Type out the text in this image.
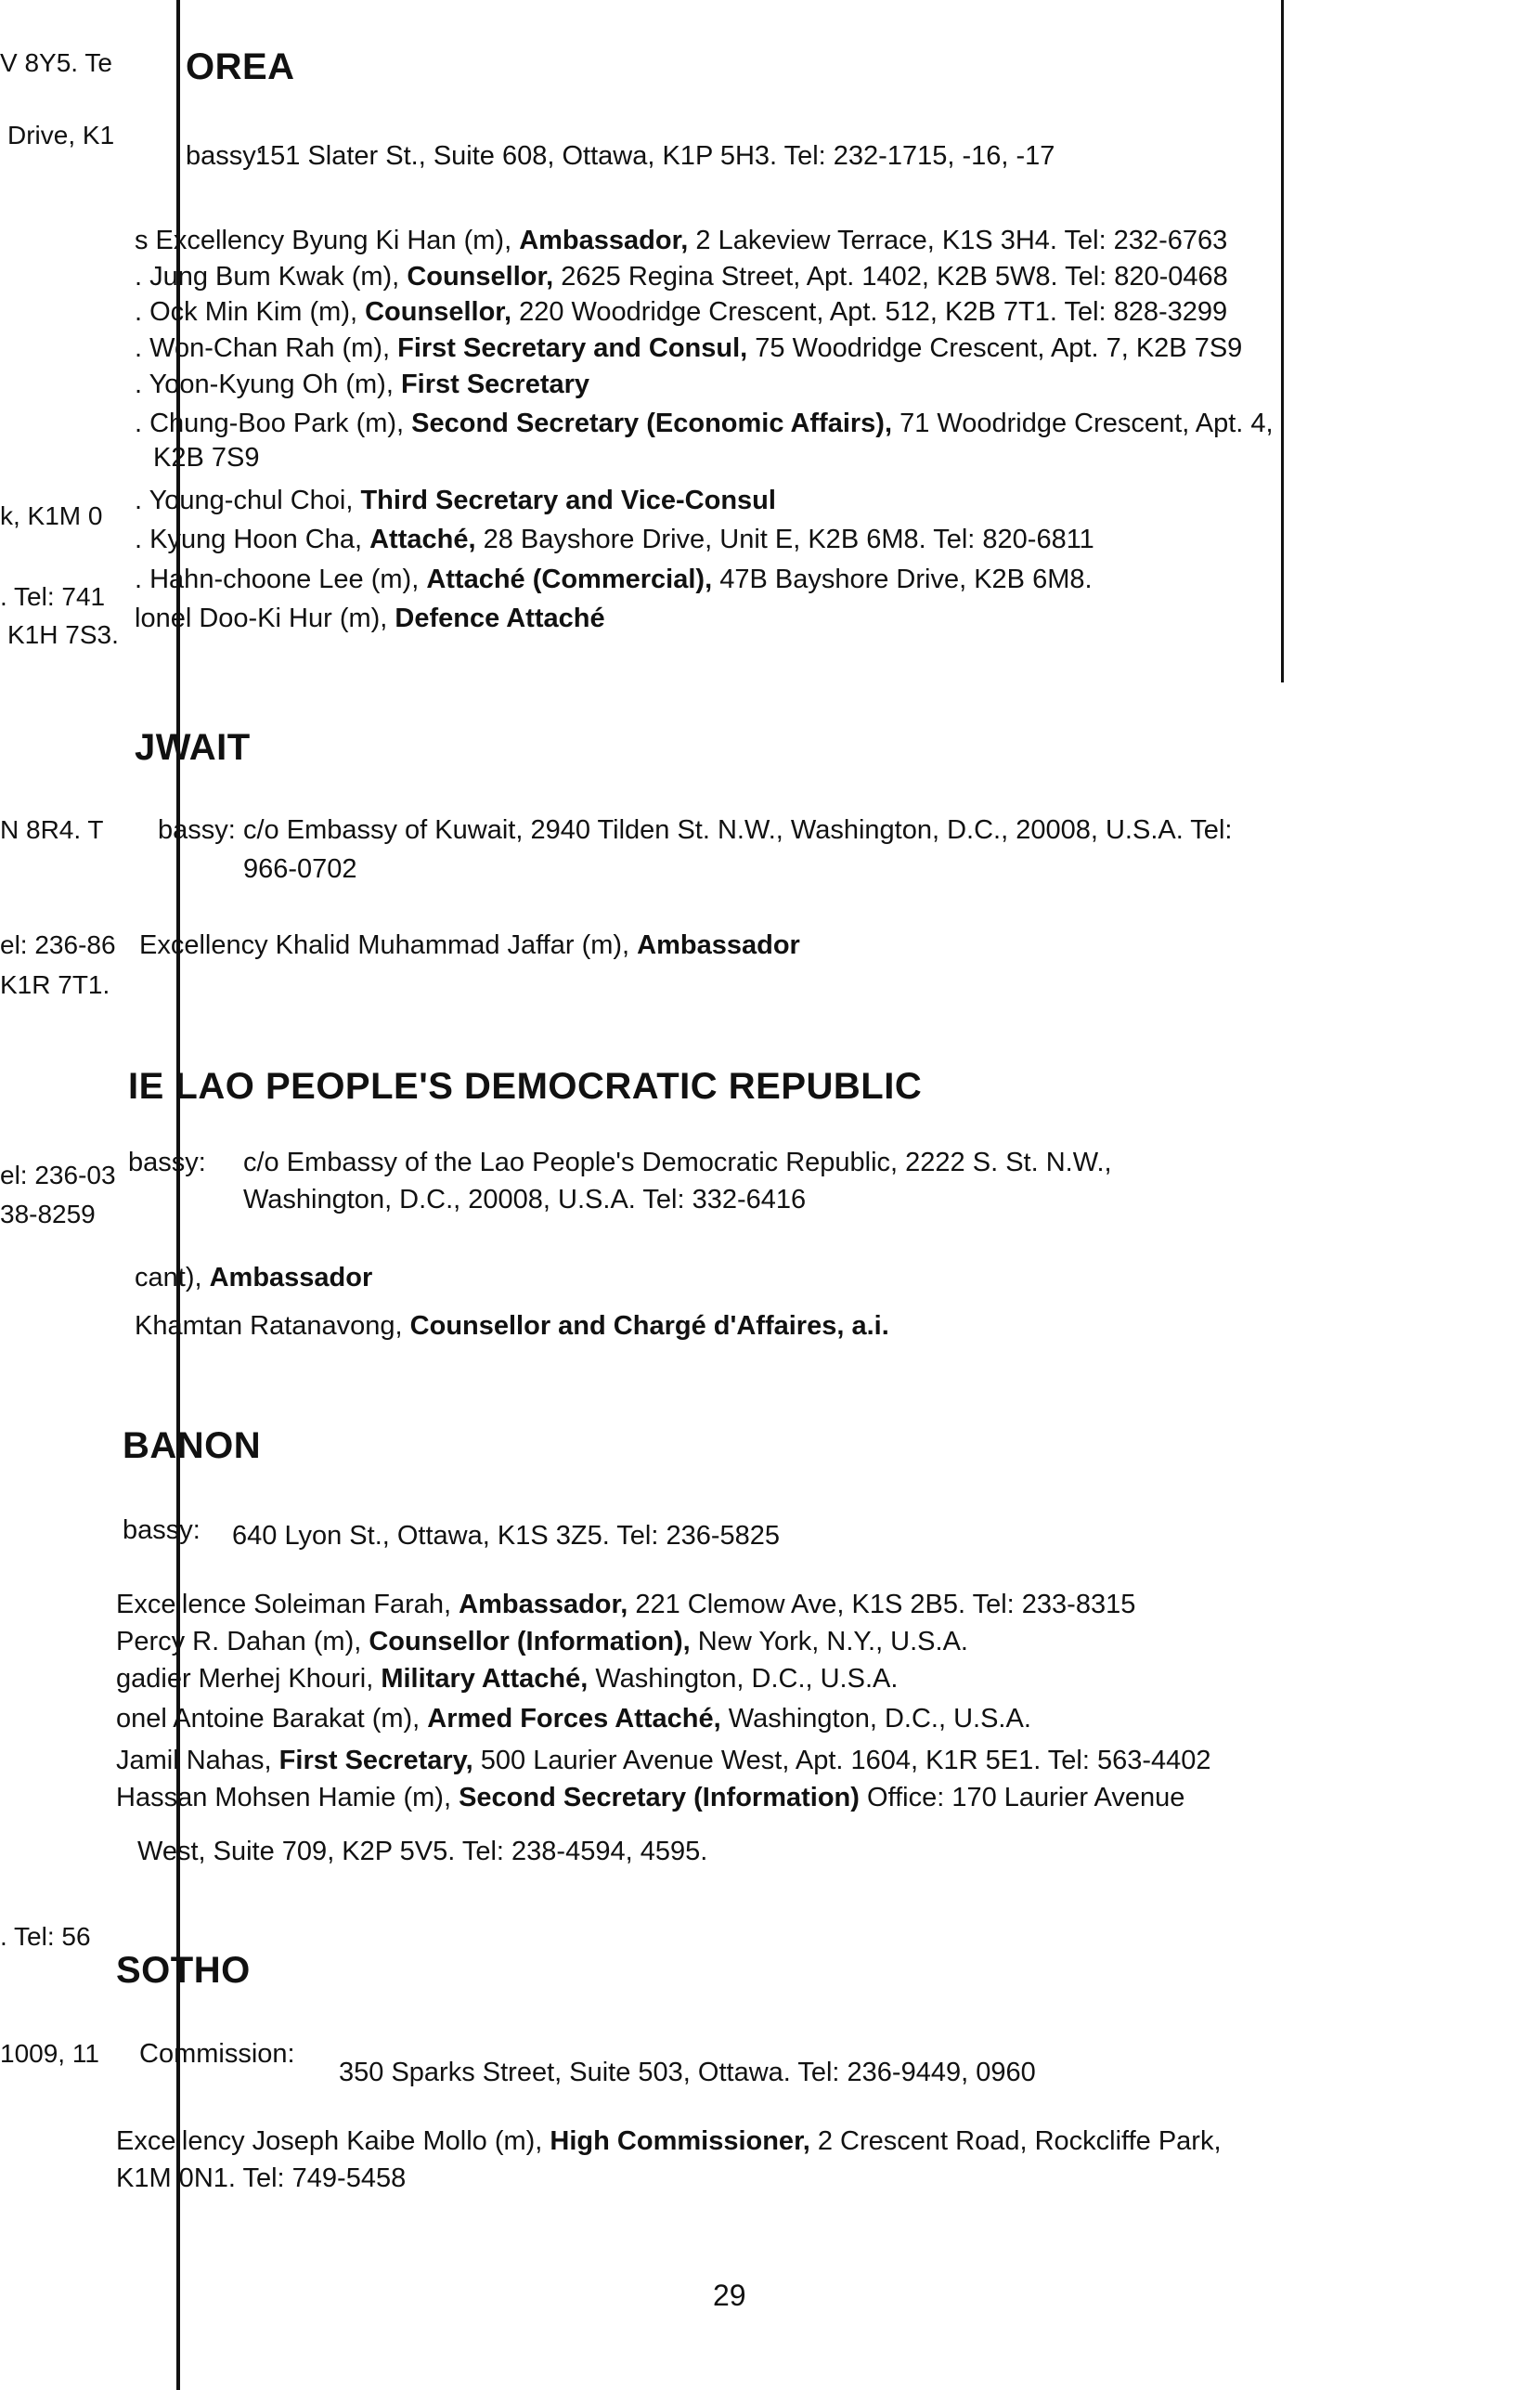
V 8Y5. Te
Drive, K1
k, K1M 0
. Tel: 741
K1H 7S3.
N 8R4. T
el: 236-86
K1R 7T1.
el: 236-03
38-8259
. Tel: 56
1009, 11
OREA
bassy:
151 Slater St., Suite 608, Ottawa, K1P 5H3. Tel: 232-1715, -16, -17
s Excellency Byung Ki Han (m), Ambassador, 2 Lakeview Terrace, K1S 3H4. Tel: 232-6763
. Jung Bum Kwak (m), Counsellor, 2625 Regina Street, Apt. 1402, K2B 5W8. Tel: 820-0468
. Ock Min Kim (m), Counsellor, 220 Woodridge Crescent, Apt. 512, K2B 7T1. Tel: 828-3299
. Won-Chan Rah (m), First Secretary and Consul, 75 Woodridge Crescent, Apt. 7, K2B 7S9
. Yoon-Kyung Oh (m), First Secretary
. Chung-Boo Park (m), Second Secretary (Economic Affairs), 71 Woodridge Crescent, Apt. 4,
K2B 7S9
. Young-chul Choi, Third Secretary and Vice-Consul
. Kyung Hoon Cha, Attaché, 28 Bayshore Drive, Unit E, K2B 6M8. Tel: 820-6811
. Hahn-choone Lee (m), Attaché (Commercial), 47B Bayshore Drive, K2B 6M8.
lonel Doo-Ki Hur (m), Defence Attaché
JWAIT
bassy: c/o Embassy of Kuwait, 2940 Tilden St. N.W., Washington, D.C., 20008, U.S.A. Tel:
966-0702
Excellency Khalid Muhammad Jaffar (m), Ambassador
IE LAO PEOPLE'S DEMOCRATIC REPUBLIC
bassy: c/o Embassy of the Lao People's Democratic Republic, 2222 S. St. N.W.,
Washington, D.C., 20008, U.S.A. Tel: 332-6416
cant), Ambassador
Khamtan Ratanavong, Counsellor and Chargé d'Affaires, a.i.
BANON
bassy: 640 Lyon St., Ottawa, K1S 3Z5. Tel: 236-5825
Excellence Soleiman Farah, Ambassador, 221 Clemow Ave, K1S 2B5. Tel: 233-8315
Percy R. Dahan (m), Counsellor (Information), New York, N.Y., U.S.A.
gadier Merhej Khouri, Military Attaché, Washington, D.C., U.S.A.
onel Antoine Barakat (m), Armed Forces Attaché, Washington, D.C., U.S.A.
Jamil Nahas, First Secretary, 500 Laurier Avenue West, Apt. 1604, K1R 5E1. Tel: 563-4402
Hassan Mohsen Hamie (m), Second Secretary (Information) Office: 170 Laurier Avenue
West, Suite 709, K2P 5V5. Tel: 238-4594, 4595.
SOTHO
Commission:
350 Sparks Street, Suite 503, Ottawa. Tel: 236-9449, 0960
Excellency Joseph Kaibe Mollo (m), High Commissioner, 2 Crescent Road, Rockcliffe Park,
K1M 0N1. Tel: 749-5458
29
